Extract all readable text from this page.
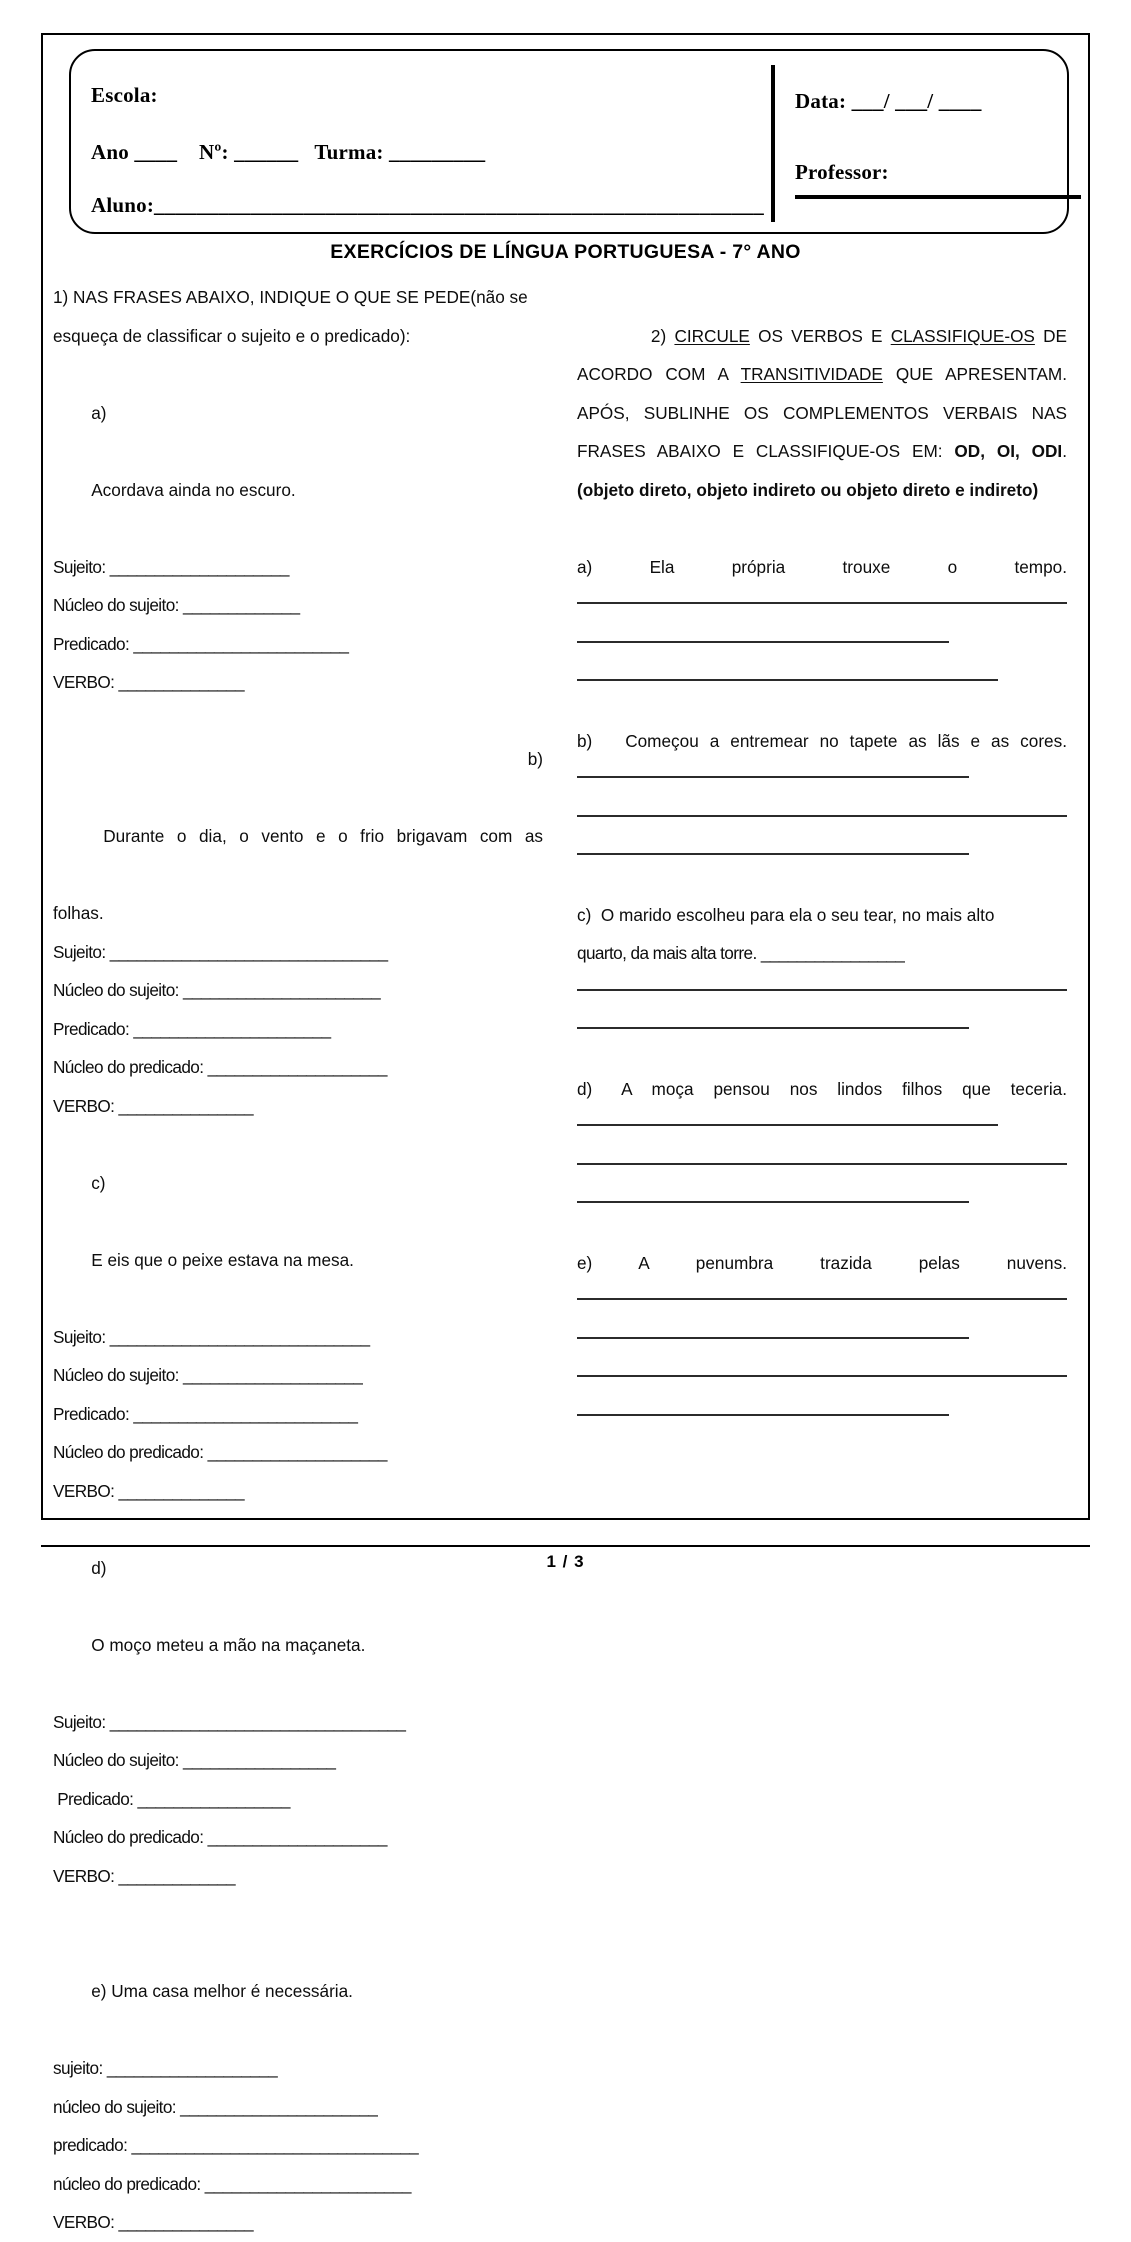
Escola:
Ano ____ Nº: ______ Turma: _________
Aluno:_________________________________________________________
Data: ___/ ___/ ____
Professor:
EXERCÍCIOS DE LÍNGUA PORTUGUESA - 7° ANO
1) NAS FRASES ABAIXO, INDIQUE O QUE SE PEDE(não se
esqueça de classificar o sujeito e o predicado):

a)

Acordava ainda no escuro.

Sujeito: ____________________
Núcleo do sujeito: _____________
Predicado: ________________________
VERBO: ______________

b)

Durante  o  dia,  o  vento  e  o  frio  brigavam  com  as

folhas.
Sujeito: _______________________________
Núcleo do sujeito: ______________________
Predicado: ______________________
Núcleo do predicado: ____________________
VERBO: _______________

c)

E eis que o peixe estava na mesa.

Sujeito: _____________________________
Núcleo do sujeito: ____________________
Predicado: _________________________
Núcleo do predicado: ____________________
VERBO: ______________

d)

O moço meteu a mão na maçaneta.

Sujeito: _________________________________
Núcleo do sujeito: _________________
Predicado: _________________
Núcleo do predicado: ____________________
VERBO: _____________

e) Uma casa melhor é necessária.

sujeito: ___________________
núcleo do sujeito: ______________________
predicado: ________________________________
núcleo do predicado: _______________________
VERBO: _______________

2) CIRCULE OS VERBOS E CLASSIFIQUE-OS DE ACORDO COM A TRANSITIVIDADE QUE APRESENTAM. APÓS, SUBLINHE OS COMPLEMENTOS VERBAIS NAS FRASES ABAIXO E CLASSIFIQUE-OS EM: OD, OI, ODI.(objeto direto, objeto indireto ou objeto direto e indireto)

a)        Ela        própria        trouxe        o        tempo.
b)   Começou a entremear no tapete as lãs e as cores.
c)  O marido escolheu para ela o seu tear, no mais alto
quarto, da mais alta torre. ________________
d)   A  moça  pensou  nos  lindos  filhos  que  teceria.
e)        A        penumbra        trazida        pelas        nuvens.
1 / 3
